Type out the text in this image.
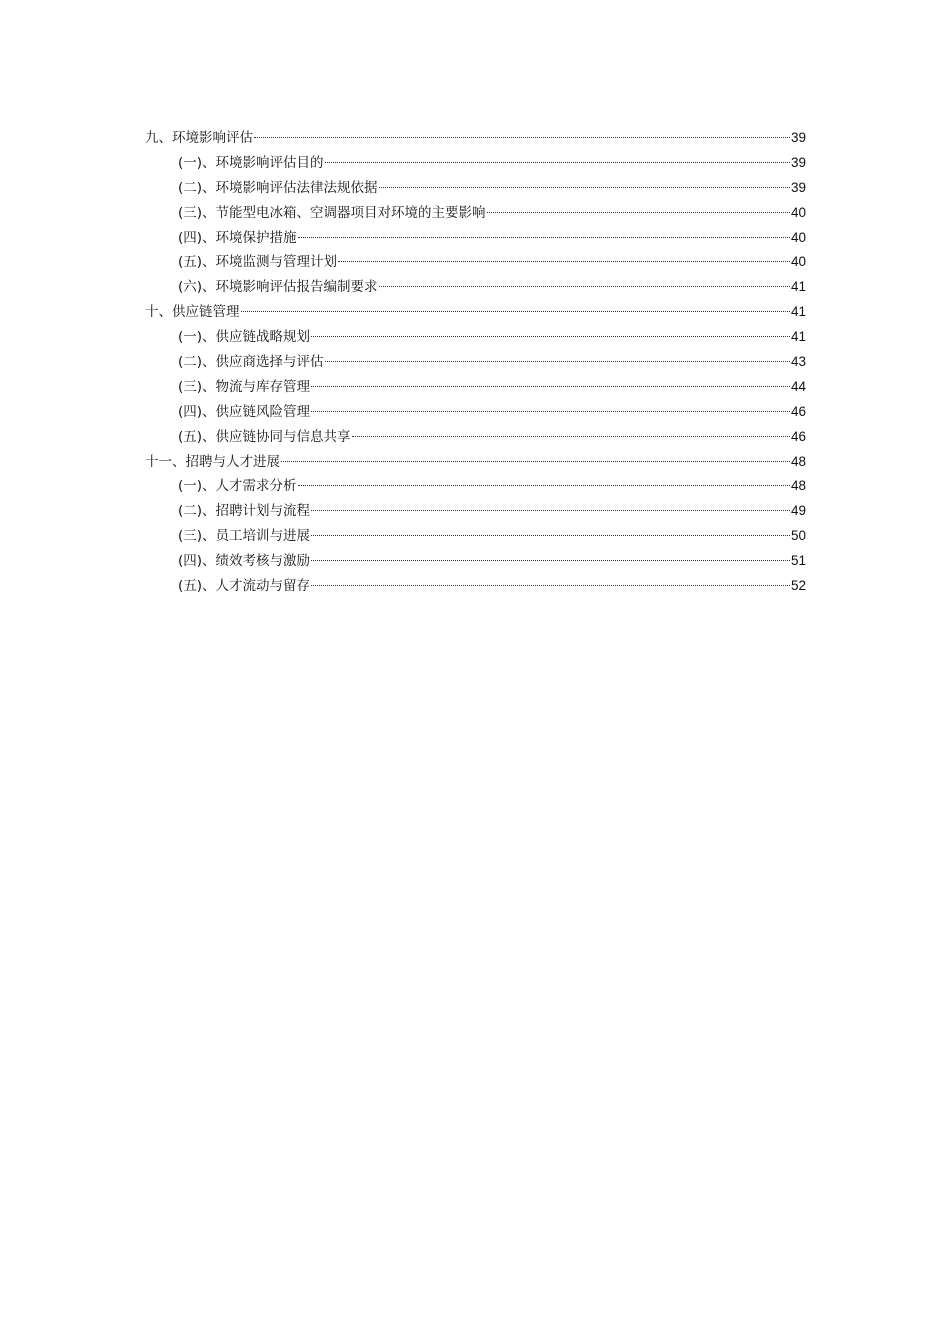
九、环境影响评估	39
(一)、环境影响评估目的	39
(二)、环境影响评估法律法规依据	39
(三)、节能型电冰箱、空调器项目对环境的主要影响	40
(四)、环境保护措施	40
(五)、环境监测与管理计划	40
(六)、环境影响评估报告编制要求	41
十、供应链管理	41
(一)、供应链战略规划	41
(二)、供应商选择与评估	43
(三)、物流与库存管理	44
(四)、供应链风险管理	46
(五)、供应链协同与信息共享	46
十一、招聘与人才进展	48
(一)、人才需求分析	48
(二)、招聘计划与流程	49
(三)、员工培训与进展	50
(四)、绩效考核与激励	51
(五)、人才流动与留存	52
